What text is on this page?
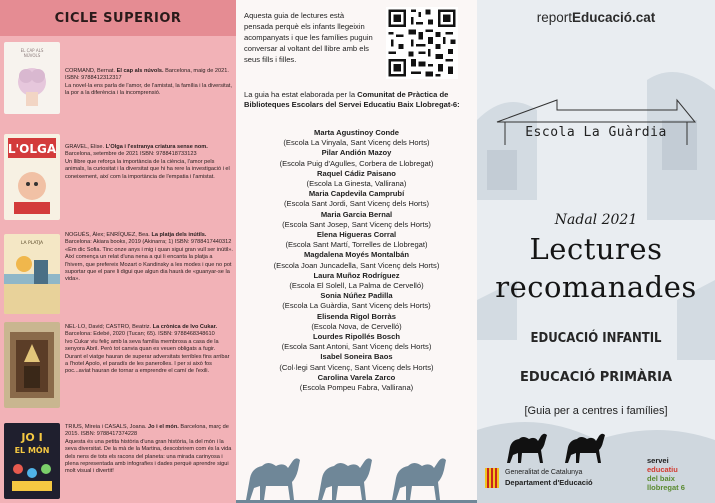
CICLE SUPERIOR
EL CAP ALS
NÚVOLS
CORMAND, Bernat. El cap als núvols. Barcelona, maig de 2021. ISBN: 9788412312317
La novel·la ens parla de l'amor, de l'amistat, la família i la diversitat, la por a la diferència i la incomprensió.
L'OLGA GRAVEL, Elise. L'Olga i l'estranya criatura sense nom. Barcelona, setembre de 2021 ISBN: 9788418733123
Un llibre que reforça la importància de la ciència, l'amor pels animals, la curiositat i la diversitat que hi ha rere la investigació i el coneixement, així com la importància de l'empatia i l'amistat.
LA PLATJA
NOGUÉS, Àlex; ENRÍQUEZ, Bea. La platja dels inútils. Barcelona: Akiara books, 2019 (Akinarra; 1) ISBN: 9788417440312
«Em dic Sofia. Tinc onze anys i mig i quan sigui gran vull ser inútil». Així comença un relat d'una nena a qui li encanta la platja a l'hivern, que prefereix Mozart o Kandinsky a les modes i que no pot suportar que el pare li digui que algun dia haurà de «guanyar-se la vida».
NEL·LO, David; CASTRO, Beatriz. La crònica de Ivo Cukar. Barcelona: Edebé, 2020 (Tucan; 65). ISBN: 9788468348610
Ivo Cukar viu feliç amb la seva família membrosa a casa de la senyora Abril. Però tot canvia quan es veuen obligats a fugir. Durant el viatge hauran de superar adversitats terribles fins arribar a l'hotel Apolo, el paradís de les panerolles. I per si això fos poc...aviat hauran de tornar a emprendre el camí de l'exili.
JO I
EL MÓN
TRIUS, Mireia i CASALS, Joana. Jo i el món. Barcelona, març de 2015. ISBN: 9788417374228
Aquesta és una petita història d'una gran història, la del món i la seva diversitat. De la mà de la Martina, descobrirem com és la vida dels nens de tots els racons del planeta: una mirada carinyosa i plena representada amb infografies i dades perquè aprendre sigui molt visual i divertit!
Aquesta guia de lectures està pensada perquè els infants llegeixin acompanyats i que les famílies puguin conversar al voltant del llibre amb els seus fills i filles.
La guia ha estat elaborada per la Comunitat de Pràctica de Biblioteques Escolars del Servei Educatiu Baix Llobregat-6:
Marta Agustinoy Conde
(Escola La Vinyala, Sant Vicenç dels Horts)
Pilar Andión Mazoy
(Escola Puig d'Agulles, Corbera de Llobregat)
Raquel Cádiz Paisano
(Escola La Ginesta, Vallirana)
Maria Capdevila Camprubí
(Escola Sant Jordi, Sant Vicenç dels Horts)
Maria Garcia Bernal
(Escola Sant Josep, Sant Vicenç dels Horts)
Elena Higueras Corral
(Escola Sant Martí, Torrelles de Llobregat)
Magdalena Moyés Montalbán
(Escola Joan Juncadella, Sant Vicenç dels Horts)
Laura Muñoz Rodríguez
(Escola El Solell, La Palma de Cervelló)
Sonia Núñez Padilla
(Escola La Guàrdia, Sant Vicenç dels Horts)
Elisenda Rigol Borràs
(Escola Nova, de Cervelló)
Lourdes Ripollés Bosch
(Escola Sant Antoni, Sant Vicenç dels Horts)
Isabel Soneira Baos
(Col·legi Sant Vicenç, Sant Vicenç dels Horts)
Carolina Varela Zarco
(Escola Pompeu Fabra, Vallirana)
reportEducació.cat
Escola La Guàrdia
Nadal 2021
Lectures
recomanades
EDUCACIÓ INFANTIL
EDUCACIÓ PRIMÀRIA
[Guia per a centres i famílies]
Generalitat de Catalunya
Departament d'Educació
servei
educatiu
del baix
llobregat 6
